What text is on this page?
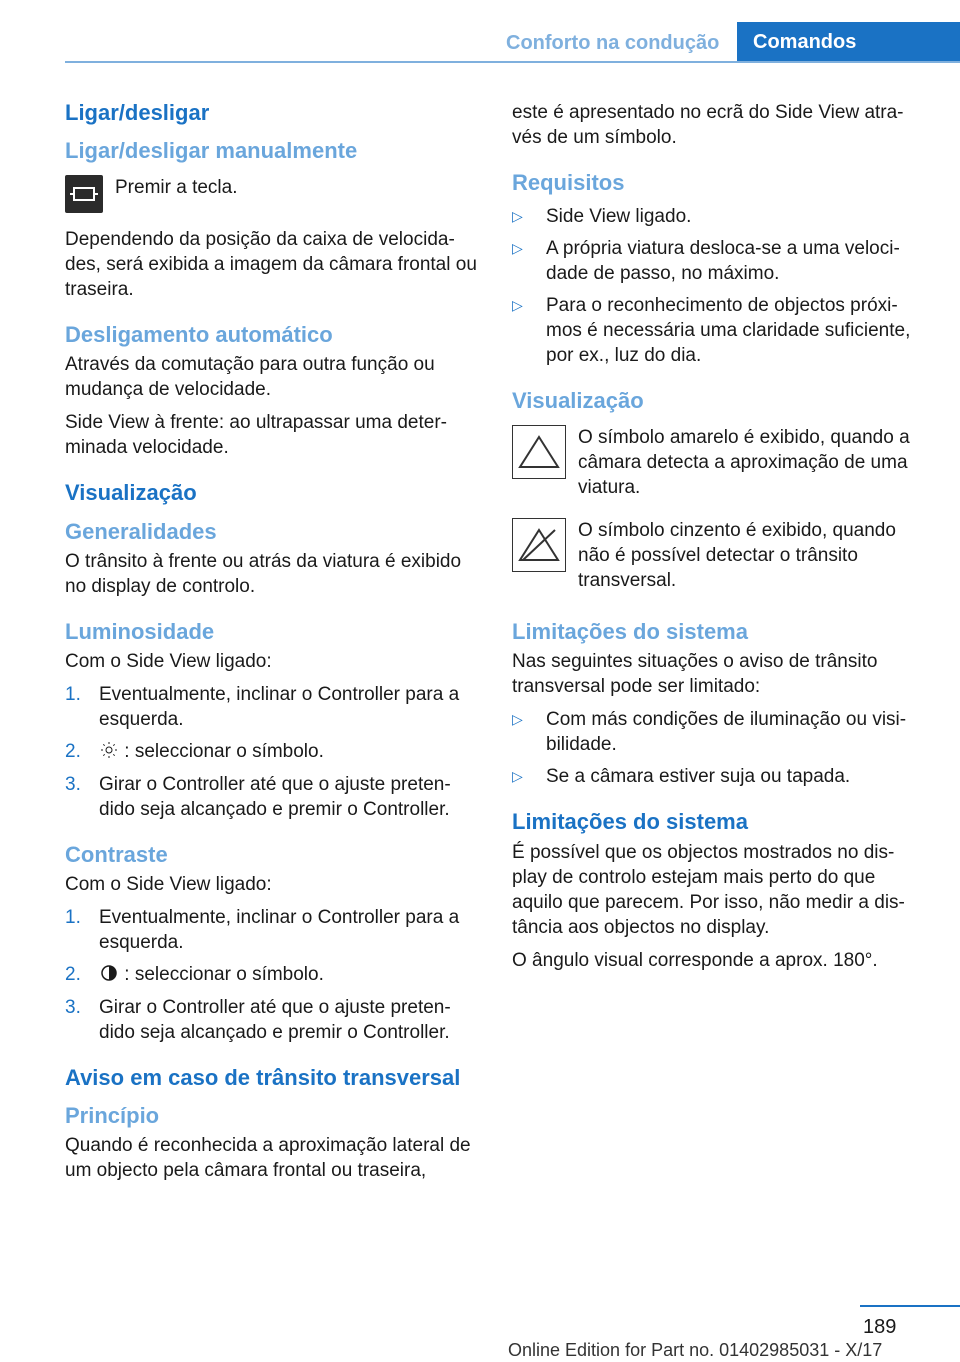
Conforto na condução	Comandos
Ligar/desligar
Ligar/desligar manualmente

Premir a tecla.

Dependendo da posição da caixa de velocida-des, será exibida a imagem da câmara frontal ou traseira.

Desligamento automático

Através da comutação para outra função ou mudança de velocidade.

Side View à frente: ao ultrapassar uma deter-minada velocidade.

Visualização
Generalidades

O trânsito à frente ou atrás da viatura é exibido no display de controlo.

Luminosidade

Com o Side View ligado:

1. Eventualmente, inclinar o Controller para a esquerda.
2.	: seleccionar o símbolo.
3. Girar o Controller até que o ajuste preten-dido seja alcançado e premir o Controller.
Contraste

Com o Side View ligado:

1. Eventualmente, inclinar o Controller para a esquerda.
2.	: seleccionar o símbolo.
3. Girar o Controller até que o ajuste preten-dido seja alcançado e premir o Controller.
Aviso em caso de trânsito transversal
Princípio

Quando é reconhecida a aproximação lateral de um objecto pela câmara frontal ou traseira,

este é apresentado no ecrã do Side View atra-vés de um símbolo.

Requisitos
▷	Side View ligado.
▷	A própria viatura desloca-se a uma veloci-dade de passo, no máximo.
▷	Para o reconhecimento de objectos próxi-mos é necessária uma claridade suficiente, por ex., luz do dia.
Visualização

O símbolo amarelo é exibido, quando a câmara detecta a aproximação de uma viatura.

O símbolo cinzento é exibido, quando não é possível detectar o trânsito transversal.

Limitações do sistema

Nas seguintes situações o aviso de trânsito transversal pode ser limitado:

▷	Com más condições de iluminação ou visi-bilidade.
▷	Se a câmara estiver suja ou tapada.
Limitações do sistema

É possível que os objectos mostrados no dis-play de controlo estejam mais perto do que aquilo que parecem. Por isso, não medir a dis-tância aos objectos no display.

O ângulo visual corresponde a aprox. 180°.

189
Online Edition for Part no. 01402985031 - X/17
